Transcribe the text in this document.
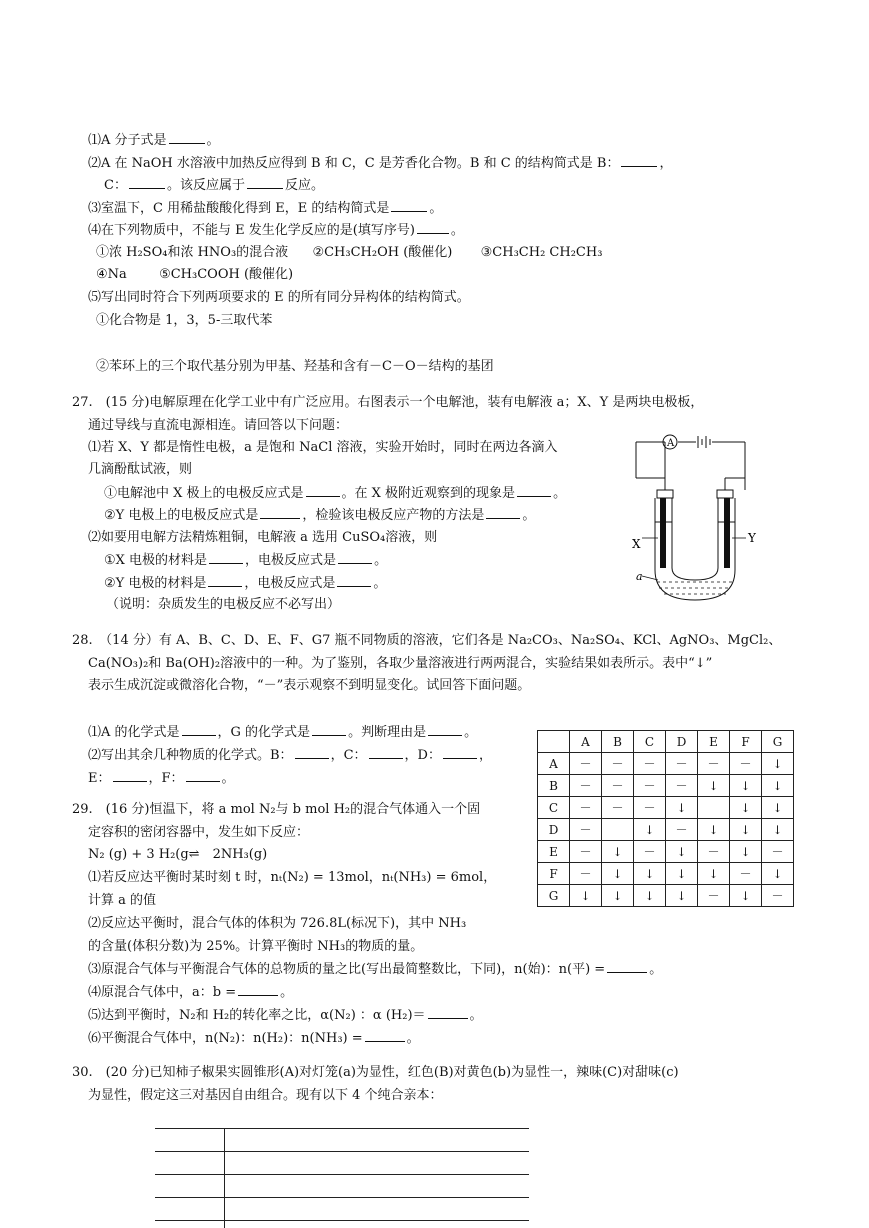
⑴A 分子式是	。
⑵A 在 NaOH 水溶液中加热反应得到 B 和 C，C 是芳香化合物。B 和 C 的结构简式是 B：	，
C：	。该反应属于	反应。
⑶室温下，C 用稀盐酸酸化得到 E，E 的结构简式是	。
⑷在下列物质中，不能与 E 发生化学反应的是(填写序号)	。
①浓 H₂SO₄和浓 HNO₃的混合液 ②CH₃CH₂OH (酸催化) ③CH₃CH₂ CH₂CH₃
④Na ⑤CH₃COOH (酸催化)
⑸写出同时符合下列两项要求的 E 的所有同分异构体的结构简式。
①化合物是 1，3，5-三取代苯
②苯环上的三个取代基分别为甲基、羟基和含有－C－O－结构的基团
27.　(15 分)电解原理在化学工业中有广泛应用。右图表示一个电解池，装有电解液 a；X、Y 是两块电极板，
通过导线与直流电源相连。请回答以下问题：
⑴若 X、Y 都是惰性电极，a 是饱和 NaCl 溶液，实验开始时，同时在两边各滴入
几滴酚酞试液，则
①电解池中 X 极上的电极反应式是	。在 X 极附近观察到的现象是	。
②Y 电极上的电极反应式是	，检验该电极反应产物的方法是	。
⑵如要用电解方法精炼粗铜，电解液 a 选用 CuSO₄溶液，则
①X 电极的材料是	，电极反应式是	。
②Y 电极的材料是	，电极反应式是	。
（说明：杂质发生的电极反应不必写出）
A
X	Y
a
28.　（14 分）有 A、B、C、D、E、F、G7 瓶不同物质的溶液，它们各是 Na₂CO₃、Na₂SO₄、KCl、AgNO₃、MgCl₂、
Ca(NO₃)₂和 Ba(OH)₂溶液中的一种。为了鉴别，各取少量溶液进行两两混合，实验结果如表所示。表中“↓”
表示生成沉淀或微溶化合物，“－”表示观察不到明显变化。试回答下面问题。
⑴A 的化学式是	，G 的化学式是	。判断理由是	。
⑵写出其余几种物质的化学式。B：	，C：	，D：	，
E：	，F：	。
	A	B	C	D	E	F	G
A	－	－	－	－	－	－	↓
B	－	－	－	－	↓	↓	↓
C	－	－	－	↓		↓	↓
D	－		↓	－	↓	↓	↓
E	－	↓	－	↓	－	↓	－
F	－	↓	↓	↓	↓	－	↓
G	↓	↓	↓	↓	－	↓	－
29.　(16 分)恒温下，将 a mol N₂与 b mol H₂的混合气体通入一个固
定容积的密闭容器中，发生如下反应：
N₂ (g) + 3 H₂(g⇌　2NH₃(g)
⑴若反应达平衡时某时刻 t 时，nₜ(N₂) = 13mol，nₜ(NH₃) = 6mol，
计算 a 的值
⑵反应达平衡时，混合气体的体积为 726.8L(标况下)，其中 NH₃
的含量(体积分数)为 25%。计算平衡时 NH₃的物质的量。
⑶原混合气体与平衡混合气体的总物质的量之比(写出最简整数比，下同)，n(始)：n(平) =	。
⑷原混合气体中，a：b =	。
⑸达到平衡时，N₂和 H₂的转化率之比，α(N₂) ：α (H₂)＝	。
⑹平衡混合气体中，n(N₂)：n(H₂)：n(NH₃) =	。
30.　(20 分)已知柿子椒果实圆锥形(A)对灯笼(a)为显性，红色(B)对黄色(b)为显性一，辣味(C)对甜味(c)
为显性，假定这三对基因自由组合。现有以下 4 个纯合亲本：
